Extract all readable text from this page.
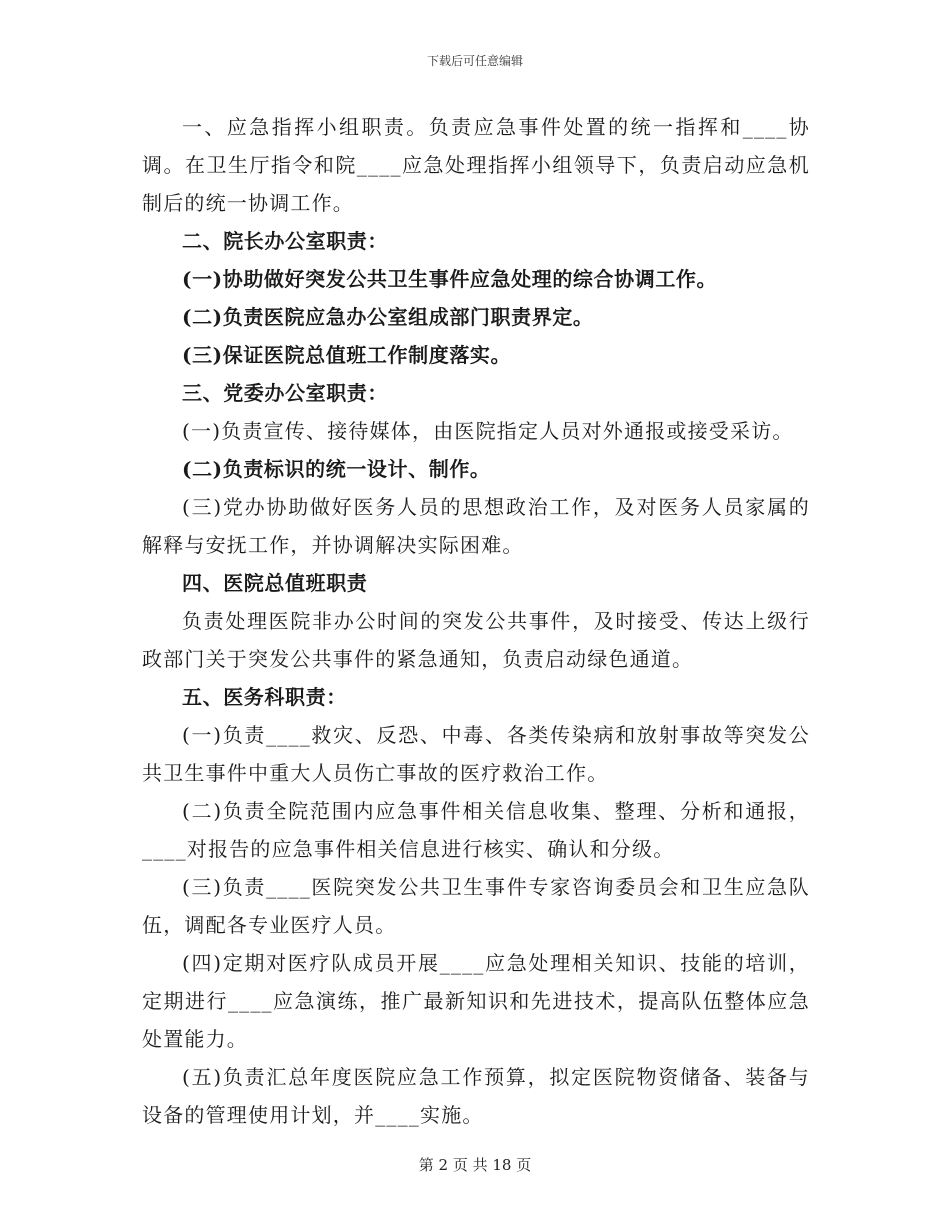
下载后可任意编辑

一、应急指挥小组职责。负责应急事件处置的统一指挥和____协调。在卫生厅指令和院____应急处理指挥小组领导下，负责启动应急机制后的统一协调工作。

二、院长办公室职责：

(一)协助做好突发公共卫生事件应急处理的综合协调工作。

(二)负责医院应急办公室组成部门职责界定。

(三)保证医院总值班工作制度落实。

三、党委办公室职责：

(一)负责宣传、接待媒体，由医院指定人员对外通报或接受采访。

(二)负责标识的统一设计、制作。

(三)党办协助做好医务人员的思想政治工作，及对医务人员家属的解释与安抚工作，并协调解决实际困难。

四、医院总值班职责

负责处理医院非办公时间的突发公共事件，及时接受、传达上级行政部门关于突发公共事件的紧急通知，负责启动绿色通道。

五、医务科职责：

(一)负责____救灾、反恐、中毒、各类传染病和放射事故等突发公共卫生事件中重大人员伤亡事故的医疗救治工作。

(二)负责全院范围内应急事件相关信息收集、整理、分析和通报，____对报告的应急事件相关信息进行核实、确认和分级。

(三)负责____医院突发公共卫生事件专家咨询委员会和卫生应急队伍，调配各专业医疗人员。

(四)定期对医疗队成员开展____应急处理相关知识、技能的培训，定期进行____应急演练，推广最新知识和先进技术，提高队伍整体应急处置能力。

(五)负责汇总年度医院应急工作预算，拟定医院物资储备、装备与设备的管理使用计划，并____实施。

第 2 页 共 18 页
